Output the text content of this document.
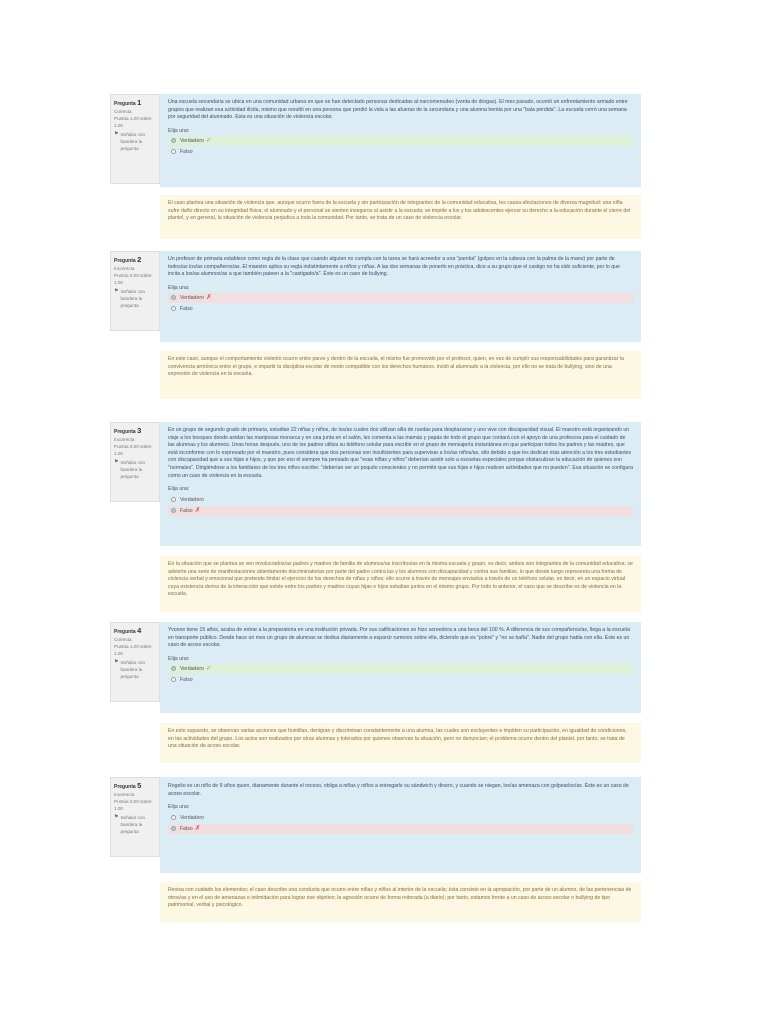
Pregunta 1
Correcta
Puntúa 1.00 sobre 1.00
⚑ Señalar con bandera la pregunta
Una escuela secundaria se ubica en una comunidad urbana en que se han detectado personas dedicadas al narcomenudeo (venta de drogas). El mes pasado, ocurrió un enfrentamiento armado entre grupos que realizan esa actividad ilícita, mismo que resultó en una persona que perdió la vida a las afueras de la secundaria y una alumna herida por una "bala pérdida". La escuela cerró una semana por seguridad del alumnado. Esta es una situación de violencia escolar.
Elija una:
Verdadero ✓
Falso
El caso plantea una situación de violencia que, aunque ocurre fuera de la escuela y sin participación de integrantes de la comunidad educativa, les causa afectaciones de diversa magnitud: una niña sufre daño directo en su integridad física; el alumnado y el personal se sienten inseguros al asistir a la escuela; se impide a los y los adolescentes ejercer su derecho a la educación durante el cierre del plantel, y en general, la situación de violencia perjudica a toda la comunidad. Por tanto, se trata de un caso de violencia escolar.
Pregunta 2
Incorrecta
Puntúa 0.00 sobre 1.00
⚑ Señalar con bandera la pregunta
Un profesor de primaria establece como regla de la clase que cuando alguien no cumpla con la tarea se hará acreedor a una "pamba" (golpes en la cabeza con la palma de la mano) por parte de todos/as los/as compañeros/as. El maestro aplica su regla indistintamente a niños y niñas. A las dos semanas de ponerlo en práctica, dice a su grupo que el castigo no ha sido suficiente, por lo que incita a los/as alumnos/as a que también pateen a la "castigado/a". Éste es un caso de bullying.
Elija una:
Verdadero ✗
Falso
En este caso, aunque el comportamiento violento ocurre entre pares y dentro de la escuela, el mismo fue promovido por el profesor, quien, en vez de cumplir sus responsabilidades para garantizar la convivencia armónica entre el grupo, e impartir la disciplina escolar de modo compatible con los derechos humanos, incitó al alumnado a la violencia, por ello no se trata de bullying, sino de una expresión de violencia en la escuela.
Pregunta 3
Incorrecta
Puntúa 0.00 sobre 1.00
⚑ Señalar con bandera la pregunta
En un grupo de segundo grado de primaria, estudian 22 niñas y niños, de los/as cuales dos utilizan silla de ruedas para desplazarse y uno vive con discapacidad visual. El maestro está organizando un viaje a los bosques donde anidan las mariposas monarca y en una junta en el salón, les comenta a las mamás y papás de todo el grupo que contará con el apoyo de una profesora para el cuidado de las alumnas y los alumnos. Unas horas después, uno de los padres utiliza su teléfono celular para escribir en el grupo de mensajería instantánea en que participan todos los padres y las madres, que está inconforme con lo expresado por el maestro, pues considera que dos personas son insuficientes para supervisar a los/as niños/as, ello debido a que les dedican más atención a los tres estudiantes con discapacidad que a sus hijas e hijos, y que por eso él siempre ha pensado que "esas niñas y niños" deberían asistir solo a escuelas especiales porque obstaculizan la educación de quienes son "normales". Dirigiéndose a los familiares de los tres niños escribe: "deberían ser un poquito conscientes y no permitir que sus hijas e hijos realicen actividades que no pueden". Esa situación se configura como un caso de violencia en la escuela.
Elija una:
Verdadero
Falso ✗
En la situación que se plantea se ven involucrados/as padres y madres de familia de alumnos/as inscritos/as en la misma escuela y grupo, es decir, ambos son integrantes de la comunidad educativa; se advierte una serie de manifestaciones abiertamente discriminatorias por parte del padre contra las y los alumnos con discapacidad y contra sus familias, lo que desde luego representa una forma de violencia verbal y emocional que pretende limitar el ejercicio de los derechos de niñas y niños; ello ocurre a través de mensajes enviados a través de un teléfono celular, es decir, en un espacio virtual cuya existencia deriva de la interacción que existe entre los padres y madres cuyas hijas e hijos estudian juntos en el mismo grupo. Por todo lo anterior, el caso que se describe es de violencia en la escuela.
Pregunta 4
Correcta
Puntúa 1.00 sobre 1.00
⚑ Señalar con bandera la pregunta
Yvonne tiene 15 años, acaba de entrar a la preparatoria en una institución privada. Por sus calificaciones se hizo acreedora a una beca del 100 %. A diferencia de sus compañeros/as, llega a la escuela en transporte público. Desde hace un mes un grupo de alumnas se dedica diariamente a esparcir rumores sobre ella, diciendo que es "pobre" y "no se baña". Nadie del grupo habla con ella. Éste es un caso de acoso escolar.
Elija una:
Verdadero ✓
Falso
En este supuesto, se observan varias acciones que humillan, denigran y discriminan constantemente a una alumna, las cuales son excluyentes e impiden su participación, en igualdad de condiciones, en las actividades del grupo. Los actos son realizados por otras alumnas y tolerados por quienes observan la situación, pero no denuncian; el problema ocurre dentro del plantel, por tanto, se trata de una situación de acoso escolar.
Pregunta 5
Incorrecta
Puntúa 0.00 sobre 1.00
⚑ Señalar con bandera la pregunta
Rogelio es un niño de 9 años quien, diariamente durante el receso, obliga a niñas y niños a entregarle su sándwich y dinero, y cuando se niegan, los/as amenaza con golpearlos/as. Éste es un caso de acoso escolar.
Elija una:
Verdadero
Falso ✗
Revisa con cuidado los elementos; el caso describe una conducta que ocurre entre niñas y niños al interior de la escuela; ésta consiste en la apropiación, por parte de un alumno, de las pertenencias de otros/as y en el uso de amenazas e intimidación para lograr ese objetivo; la agresión ocurre de forma reiterada (a diario); por tanto, estamos frente a un caso de acoso escolar o bullying de tipo patrimonial, verbal y psicológico.
